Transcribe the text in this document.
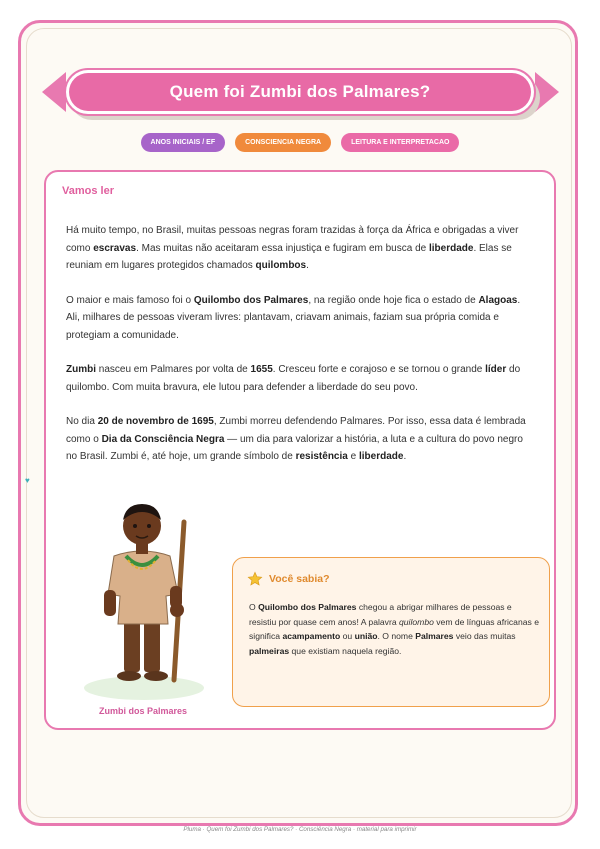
Quem foi Zumbi dos Palmares?
ANOS INICIAIS / EF	CONSCIENCIA NEGRA	LEITURA E INTERPRETACAO
♥
Vamos ler

Há muito tempo, no Brasil, muitas pessoas negras foram trazidas à força da África e obrigadas a viver como escravas. Mas muitas não aceitaram essa injustiça e fugiram em busca de liberdade. Elas se reuniam em lugares protegidos chamados quilombos.

O maior e mais famoso foi o Quilombo dos Palmares, na região onde hoje fica o estado de Alagoas. Ali, milhares de pessoas viveram livres: plantavam, criavam animais, faziam sua própria comida e protegiam a comunidade.

Zumbi nasceu em Palmares por volta de 1655. Cresceu forte e corajoso e se tornou o grande líder do quilombo. Com muita bravura, ele lutou para defender a liberdade do seu povo.

No dia 20 de novembro de 1695, Zumbi morreu defendendo Palmares. Por isso, essa data é lembrada como o Dia da Consciência Negra — um dia para valorizar a história, a luta e a cultura do povo negro no Brasil. Zumbi é, até hoje, um grande símbolo de resistência e liberdade.

Zumbi dos Palmares
Você sabia?
O Quilombo dos Palmares chegou a abrigar milhares de pessoas e resistiu por quase cem anos! A palavra quilombo vem de línguas africanas e significa acampamento ou união. O nome Palmares veio das muitas palmeiras que existiam naquela região.
Pluma · Quem foi Zumbi dos Palmares? · Consciência Negra · material para imprimir
